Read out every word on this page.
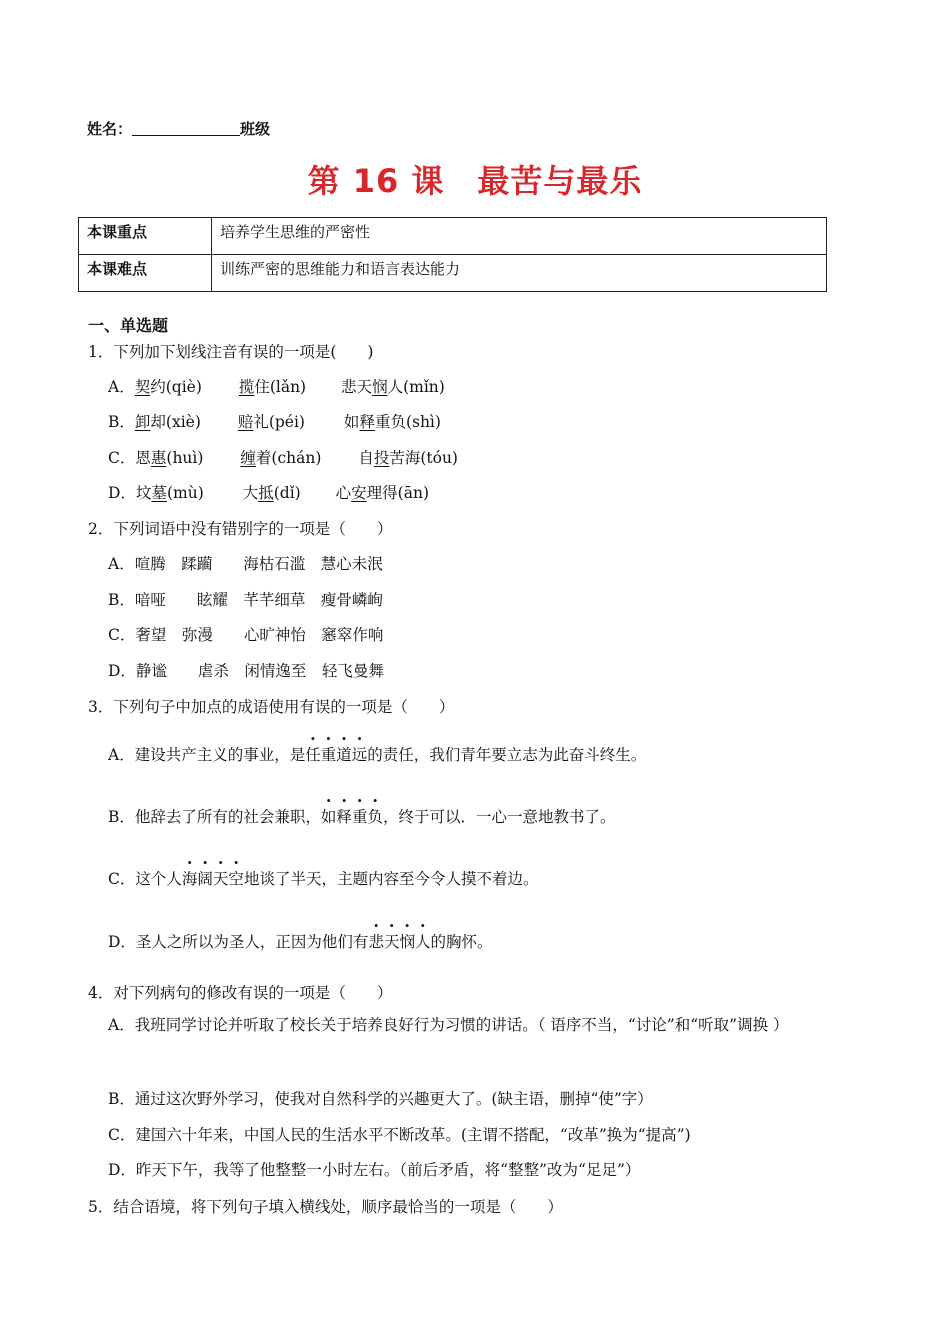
姓名：	班级
第 16 课　最苦与最乐
本课重点	培养学生思维的严密性
本课难点	训练严密的思维能力和语言表达能力
一、单选题
1．下列加下划线注音有误的一项是(　　)
A．契约(qiè) 揽住(lǎn) 悲天悯人(mǐn)
B．卸却(xiè) 赔礼(péi)	如释重负(shì)
C．恩惠(huì) 缠着(chán) 自投苦海(tóu)
D．坟墓(mù)	大抵(dǐ) 心安理得(ān)
2．下列词语中没有错别字的一项是（　　）
A．喧腾　蹂躏　　海枯石滥　慧心未泯
B．喑哑　　眩耀　芊芊细草　瘦骨嶙峋
C．奢望　弥漫　　心旷神怡　窸窣作响
D．静谧　　虐杀　闲情逸至　轻飞曼舞
3．下列句子中加点的成语使用有误的一项是（　　）
A．建设共产主义的事业，是任重道远的责任，我们青年要立志为此奋斗终生。
B．他辞去了所有的社会兼职，如释重负，终于可以．一心一意地教书了。
C．这个人海阔天空地谈了半天，主题内容至今令人摸不着边。
D．圣人之所以为圣人，正因为他们有悲天悯人的胸怀。
4．对下列病句的修改有误的一项是（　　）
A．我班同学讨论并听取了校长关于培养良好行为习惯的讲话。（ 语序不当，“讨论”和“听取”调换 ）
B．通过这次野外学习，使我对自然科学的兴趣更大了。(缺主语，删掉“使”字）
C．建国六十年来，中国人民的生活水平不断改革。(主谓不搭配，“改革”换为“提高”)
D．昨天下午，我等了他整整一小时左右。（前后矛盾，将“整整”改为“足足”）
5．结合语境，将下列句子填入横线处，顺序最恰当的一项是（　　）
